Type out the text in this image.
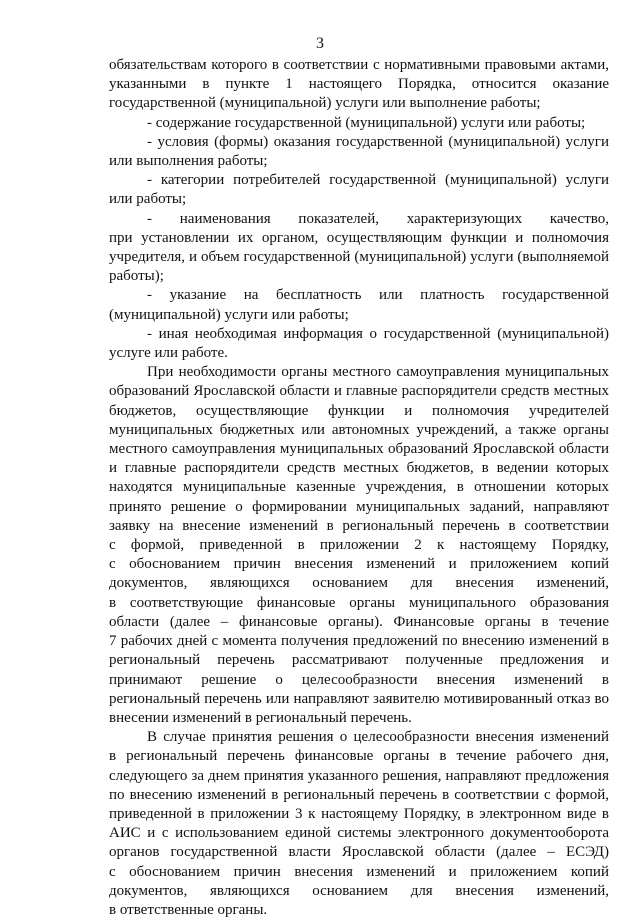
3
обязательствам которого в соответствии с нормативными правовыми актами,
указанными в пункте 1 настоящего Порядка, относится оказание
государственной (муниципальной) услуги или выполнение работы;
- содержание государственной (муниципальной) услуги или работы;
- условия (формы) оказания государственной (муниципальной) услуги
или выполнения работы;
- категории потребителей государственной (муниципальной) услуги
или работы;
- наименования показателей, характеризующих качество,
при установлении их органом, осуществляющим функции и полномочия
учредителя, и объем государственной (муниципальной) услуги (выполняемой
работы);
- указание на бесплатность или платность государственной
(муниципальной) услуги или работы;
- иная необходимая информация о государственной (муниципальной)
услуге или работе.
При необходимости органы местного самоуправления муниципальных
образований Ярославской области и главные распорядители средств местных
бюджетов, осуществляющие функции и полномочия учредителей
муниципальных бюджетных или автономных учреждений, а также органы
местного самоуправления муниципальных образований Ярославской области
и главные распорядители средств местных бюджетов, в ведении которых
находятся муниципальные казенные учреждения, в отношении которых
принято решение о формировании муниципальных заданий, направляют
заявку на внесение изменений в региональный перечень в соответствии
с формой, приведенной в приложении 2 к настоящему Порядку,
с обоснованием причин внесения изменений и приложением копий
документов, являющихся основанием для внесения изменений,
в соответствующие финансовые органы муниципального образования
области (далее – финансовые органы). Финансовые органы в течение
7 рабочих дней с момента получения предложений по внесению изменений в
региональный перечень рассматривают полученные предложения и
принимают решение о целесообразности внесения изменений в
региональный перечень или направляют заявителю мотивированный отказ во
внесении изменений в региональный перечень.
В случае принятия решения о целесообразности внесения изменений
в региональный перечень финансовые органы в течение рабочего дня,
следующего за днем принятия указанного решения, направляют предложения
по внесению изменений в региональный перечень в соответствии с формой,
приведенной в приложении 3 к настоящему Порядку, в электронном виде в
АИС и с использованием единой системы электронного документооборота
органов государственной власти Ярославской области (далее – ЕСЭД)
с обоснованием причин внесения изменений и приложением копий
документов, являющихся основанием для внесения изменений,
в ответственные органы.
